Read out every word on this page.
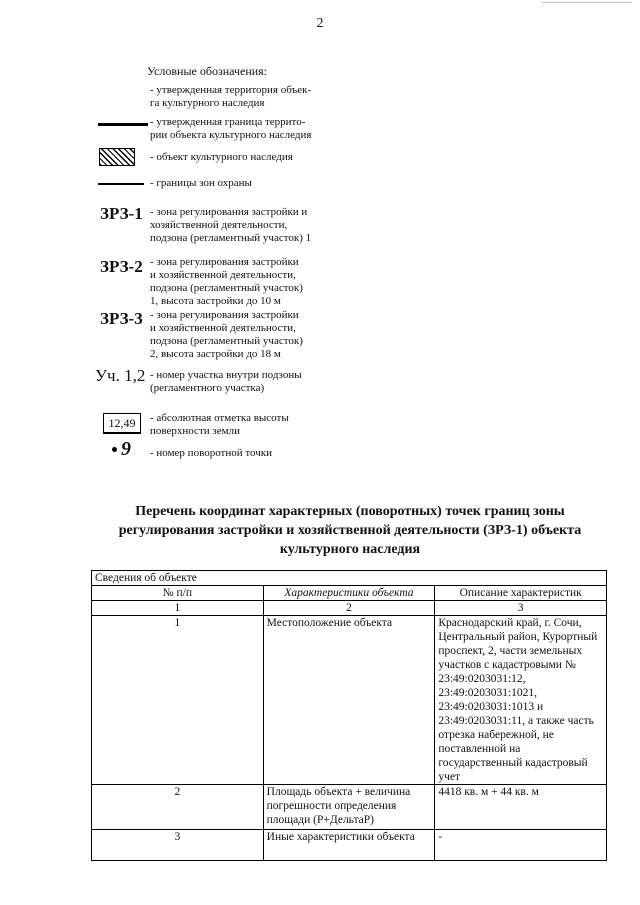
2
Условные обозначения:
- утвержденная территория объек-
га культурного наследия
- утвержденная граница террито-
рии объекта культурного наследия
- объект культурного наследия
- границы зон охраны
ЗРЗ-1 - зона регулирования застройки и
хозяйственной деятельности,
подзона (регламентный участок) 1
ЗРЗ-2 - зона регулирования застройки
и хозяйственной деятельности,
подзона (регламентный участок)
1, высота застройки до 10 м
ЗРЗ-3 - зона регулирования застройки
и хозяйственной деятельности,
подзона (регламентный участок)
2, высота застройки до 18 м
Уч. 1,2 - номер участка внутри подзоны
(регламентного участка)
12,49	- абсолютная отметка высоты
поверхности земли
9 - номер поворотной точки
Перечень координат характерных (поворотных) точек границ зоны
регулирования застройки и хозяйственной деятельности (ЗРЗ-1) объекта
культурного наследия
Сведения об объекте		
№ п/п	Характеристики объекта	Описание характеристик
1	2	3
1	Местоположение объекта	Краснодарский край, г. Сочи, Центральный район, Курортный проспект, 2, части земельных участков с кадастровыми № 23:49:0203031:12, 23:49:0203031:1021, 23:49:0203031:1013 и 23:49:0203031:11, а также часть отрезка набережной, не поставленной на государственный кадастровый учет
2	Площадь объекта + величина погрешности определения площади (Р+ДельтаР)	4418 кв. м + 44 кв. м
3	Иные характеристики объекта	-
